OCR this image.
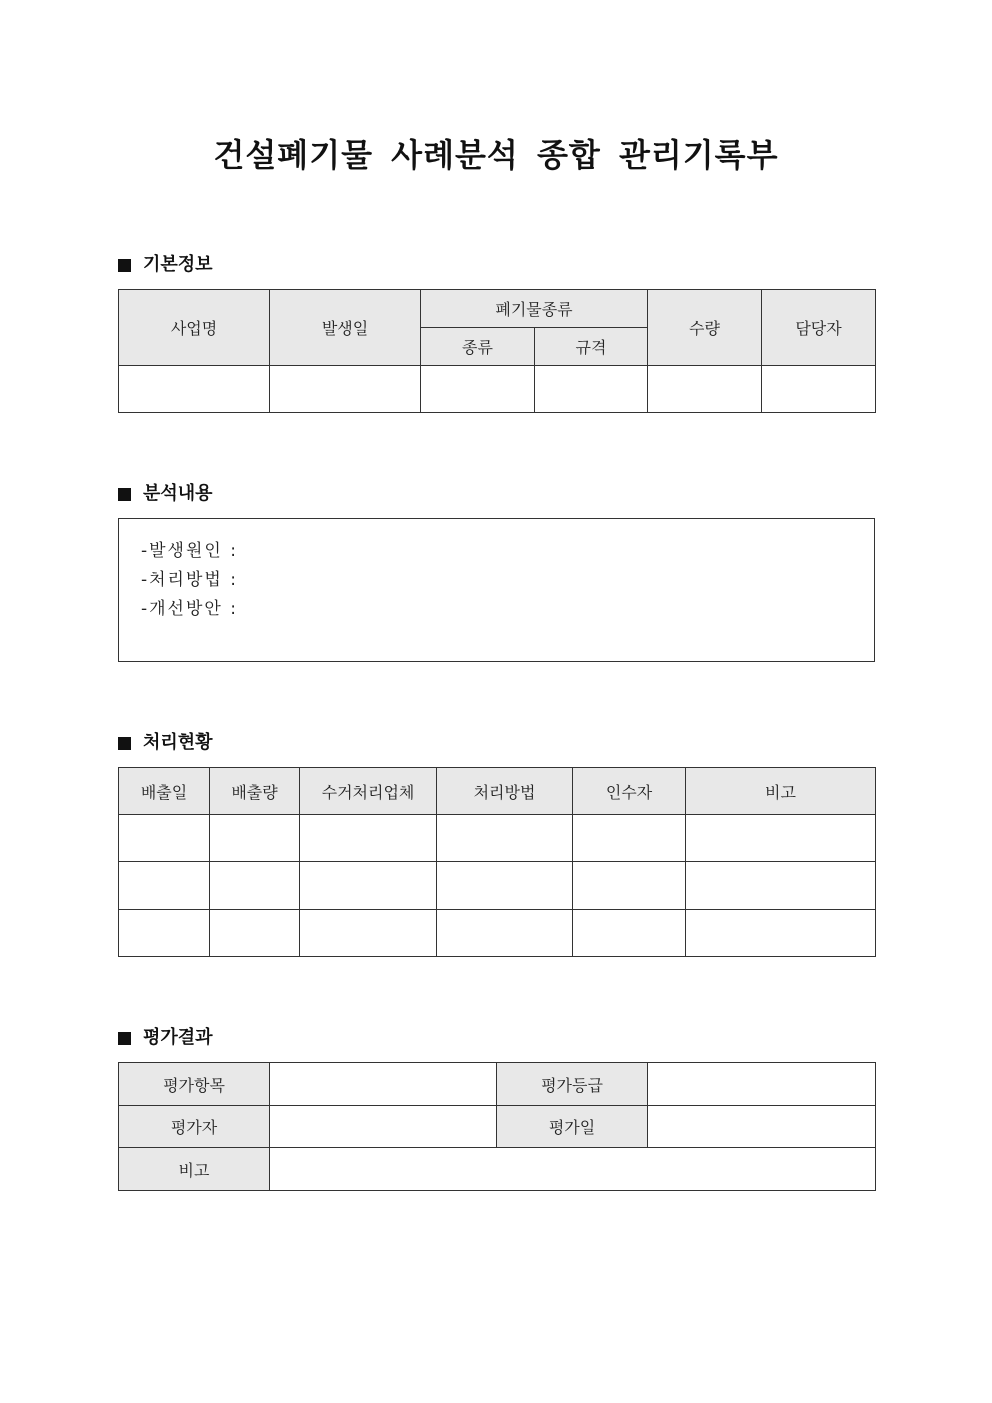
건설폐기물 사례분석 종합 관리기록부
기본정보
사업명	발생일	폐기물종류		수량	담당자
		종류	규격		

분석내용
-발생원인 :
-처리방법 :
-개선방안 :
처리현황
배출일	배출량	수거처리업체	처리방법	인수자	비고

평가결과
평가항목		평가등급	
평가자		평가일	
비고			
